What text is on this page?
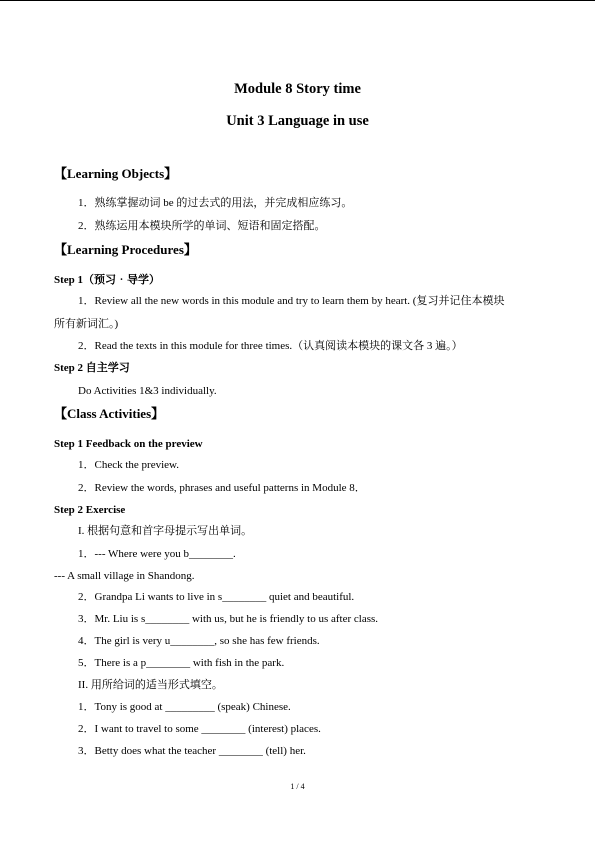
Module 8 Story time
Unit 3 Language in use
【Learning Objects】
1．熟练掌握动词 be 的过去式的用法，并完成相应练习。
2．熟练运用本模块所学的单词、短语和固定搭配。
【Learning Procedures】
Step 1（预习‧导学）
1．Review all the new words in this module and try to learn them by heart. (复习并记住本模块
所有新词汇。)
2．Read the texts in this module for three times.（认真阅读本模块的课文各 3 遍。）
Step 2 自主学习
Do Activities 1&3 individually.
【Class Activities】
Step 1 Feedback on the preview
1．Check the preview.
2．Review the words, phrases and useful patterns in Module 8．
Step 2 Exercise
I. 根据句意和首字母提示写出单词。
1．--- Where were you b________.
--- A small village in Shandong.
2．Grandpa Li wants to live in s________ quiet and beautiful.
3．Mr. Liu is s________ with us, but he is friendly to us after class.
4．The girl is very u________, so she has few friends.
5．There is a p________ with fish in the park.
II. 用所给词的适当形式填空。
1．Tony is good at _________ (speak) Chinese.
2．I want to travel to some ________ (interest) places.
3．Betty does what the teacher ________ (tell) her.
1 / 4
